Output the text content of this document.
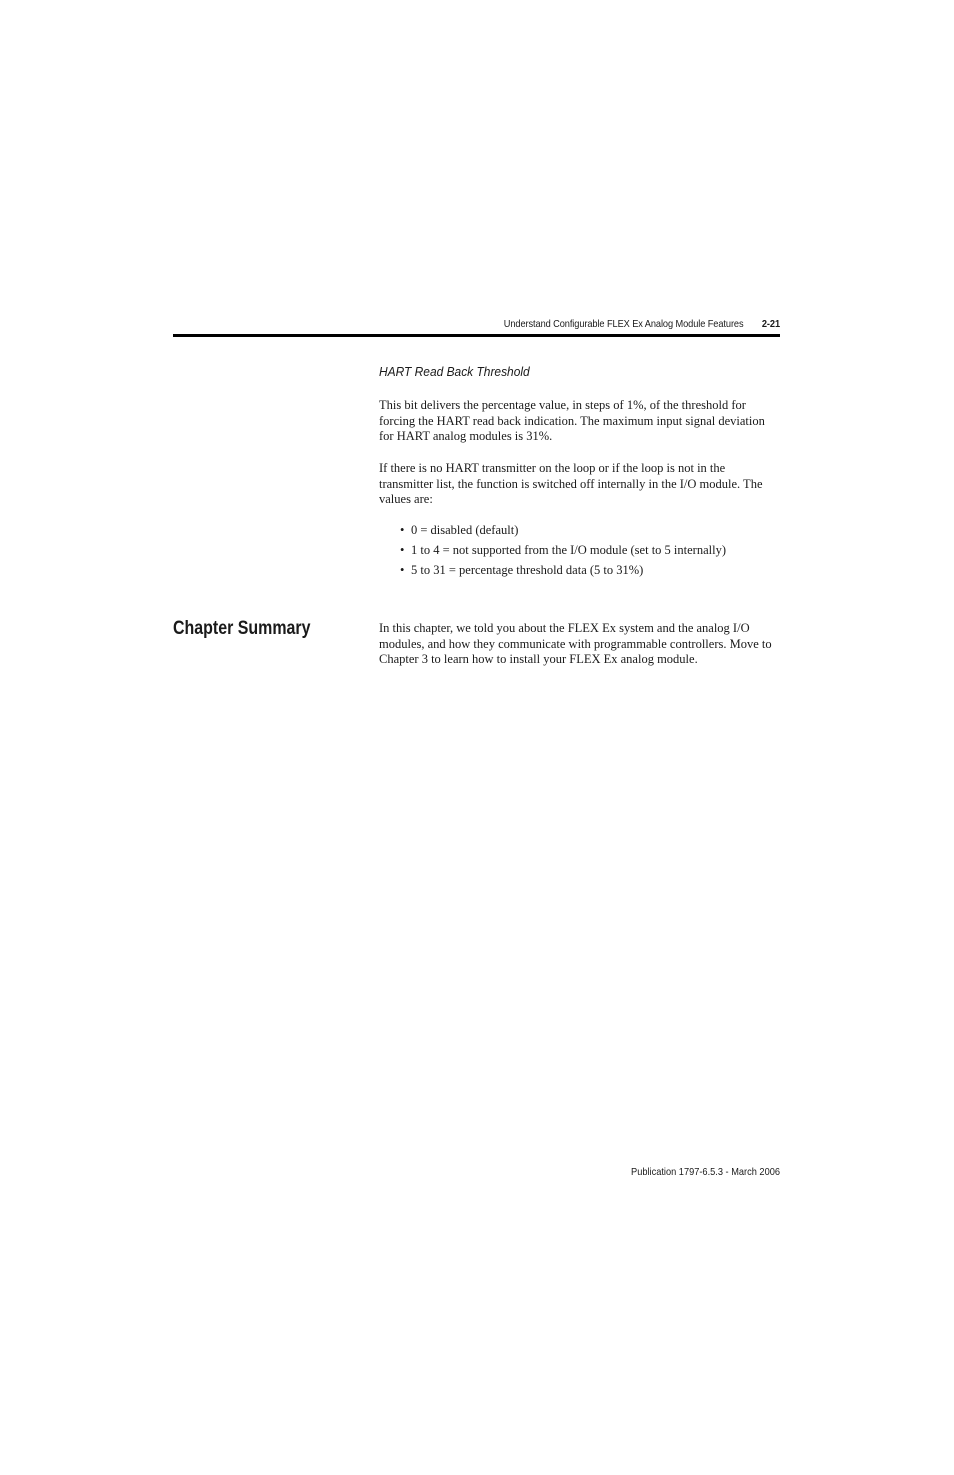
Understand Configurable FLEX Ex Analog Module Features 2-21
HART Read Back Threshold

This bit delivers the percentage value, in steps of 1%, of the threshold for forcing the HART read back indication. The maximum input signal deviation for HART analog modules is 31%.

If there is no HART transmitter on the loop or if the loop is not in the transmitter list, the function is switched off internally in the I/O module. The values are:

• 0 = disabled (default)
• 1 to 4 = not supported from the I/O module (set to 5 internally)
• 5 to 31 = percentage threshold data (5 to 31%)
Chapter Summary	In this chapter, we told you about the FLEX Ex system and the analog I/O modules, and how they communicate with programmable controllers. Move to Chapter 3 to learn how to install your FLEX Ex analog module.

Publication 1797-6.5.3 - March 2006
